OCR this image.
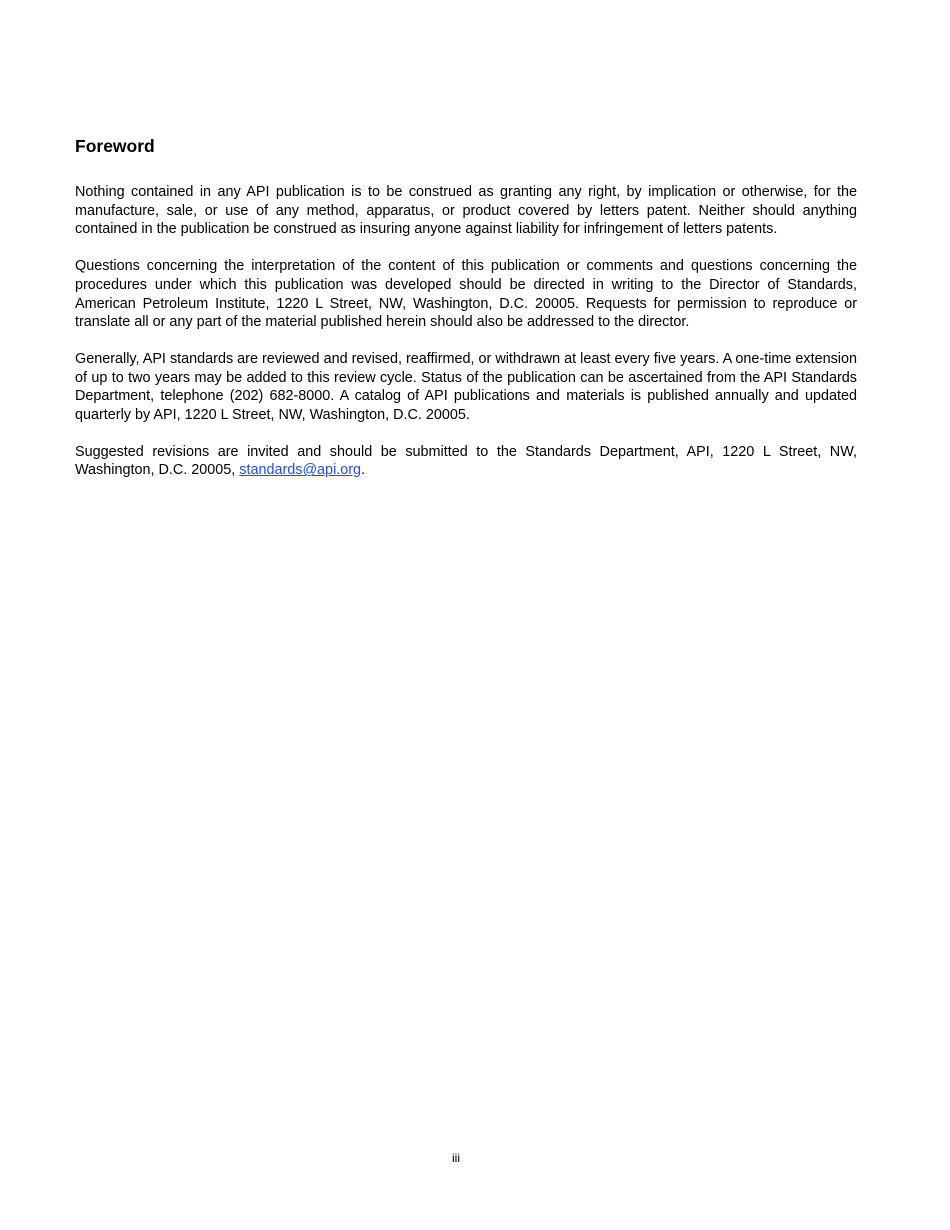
Foreword

Nothing contained in any API publication is to be construed as granting any right, by implication or otherwise, for the manufacture, sale, or use of any method, apparatus, or product covered by letters patent. Neither should anything contained in the publication be construed as insuring anyone against liability for infringement of letters patents.

Questions concerning the interpretation of the content of this publication or comments and questions concerning the procedures under which this publication was developed should be directed in writing to the Director of Standards, American Petroleum Institute, 1220 L Street, NW, Washington, D.C. 20005. Requests for permission to reproduce or translate all or any part of the material published herein should also be addressed to the director.

Generally, API standards are reviewed and revised, reaffirmed, or withdrawn at least every five years. A one-time extension of up to two years may be added to this review cycle. Status of the publication can be ascertained from the API Standards Department, telephone (202) 682-8000. A catalog of API publications and materials is published annually and updated quarterly by API, 1220 L Street, NW, Washington, D.C. 20005.

Suggested revisions are invited and should be submitted to the Standards Department, API, 1220 L Street, NW, Washington, D.C. 20005, standards@api.org.

iii
